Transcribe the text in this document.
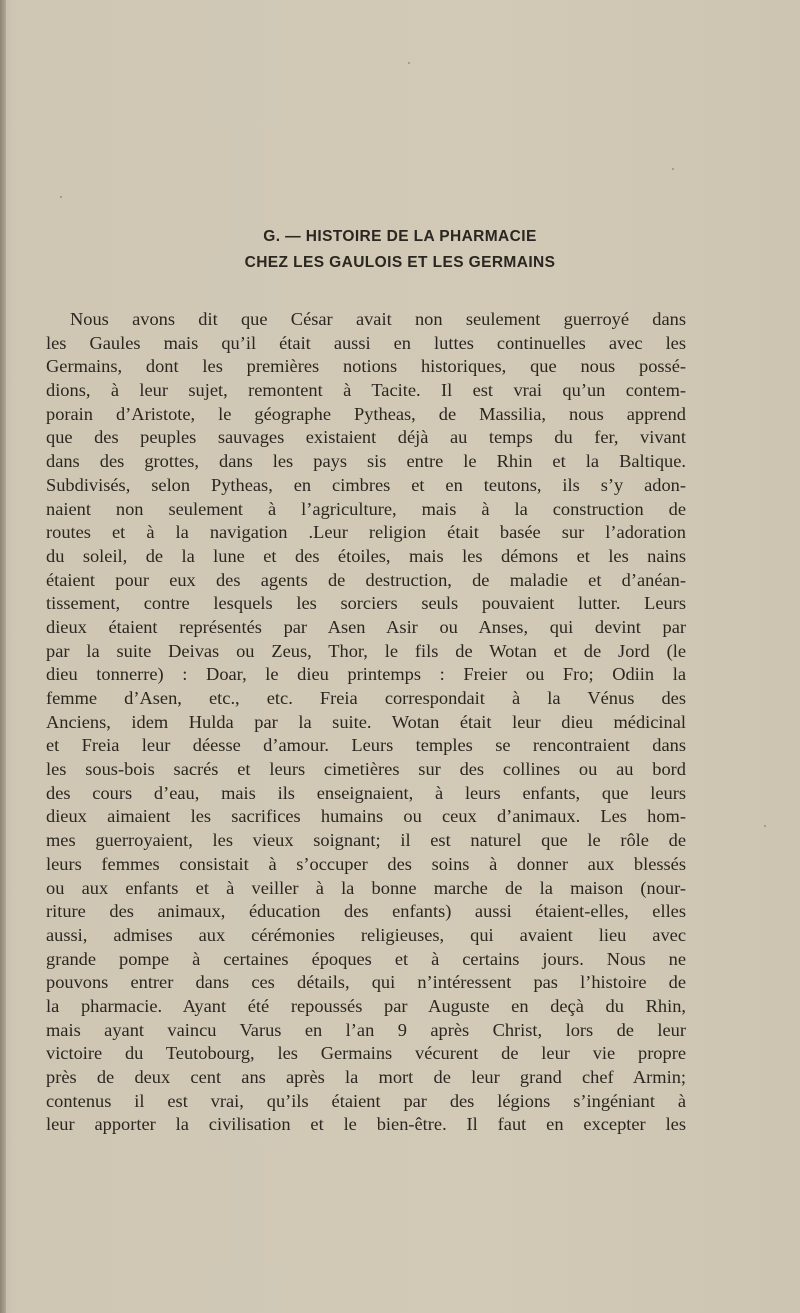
G. — HISTOIRE DE LA PHARMACIE
CHEZ LES GAULOIS ET LES GERMAINS
Nous avons dit que César avait non seulement guerroyé dans
les Gaules mais qu’il était aussi en luttes continuelles avec les
Germains, dont les premières notions historiques, que nous possé-
dions, à leur sujet, remontent à Tacite. Il est vrai qu’un contem-
porain d’Aristote, le géographe Pytheas, de Massilia, nous apprend
que des peuples sauvages existaient déjà au temps du fer, vivant
dans des grottes, dans les pays sis entre le Rhin et la Baltique.
Subdivisés, selon Pytheas, en cimbres et en teutons, ils s’y adon-
naient non seulement à l’agriculture, mais à la construction de
routes et à la navigation .Leur religion était basée sur l’adoration
du soleil, de la lune et des étoiles, mais les démons et les nains
étaient pour eux des agents de destruction, de maladie et d’anéan-
tissement, contre lesquels les sorciers seuls pouvaient lutter. Leurs
dieux étaient représentés par Asen Asir ou Anses, qui devint par
par la suite Deivas ou Zeus, Thor, le fils de Wotan et de Jord (le
dieu tonnerre) : Doar, le dieu printemps : Freier ou Fro; Odiin la
femme d’Asen, etc., etc. Freia correspondait à la Vénus des
Anciens, idem Hulda par la suite. Wotan était leur dieu médicinal
et Freia leur déesse d’amour. Leurs temples se rencontraient dans
les sous-bois sacrés et leurs cimetières sur des collines ou au bord
des cours d’eau, mais ils enseignaient, à leurs enfants, que leurs
dieux aimaient les sacrifices humains ou ceux d’animaux. Les hom-
mes guerroyaient, les vieux soignant; il est naturel que le rôle de
leurs femmes consistait à s’occuper des soins à donner aux blessés
ou aux enfants et à veiller à la bonne marche de la maison (nour-
riture des animaux, éducation des enfants) aussi étaient-elles, elles
aussi, admises aux cérémonies religieuses, qui avaient lieu avec
grande pompe à certaines époques et à certains jours. Nous ne
pouvons entrer dans ces détails, qui n’intéressent pas l’histoire de
la pharmacie. Ayant été repoussés par Auguste en deçà du Rhin,
mais ayant vaincu Varus en l’an 9 après Christ, lors de leur
victoire du Teutobourg, les Germains vécurent de leur vie propre
près de deux cent ans après la mort de leur grand chef Armin;
contenus il est vrai, qu’ils étaient par des légions s’ingéniant à
leur apporter la civilisation et le bien-être. Il faut en excepter les
